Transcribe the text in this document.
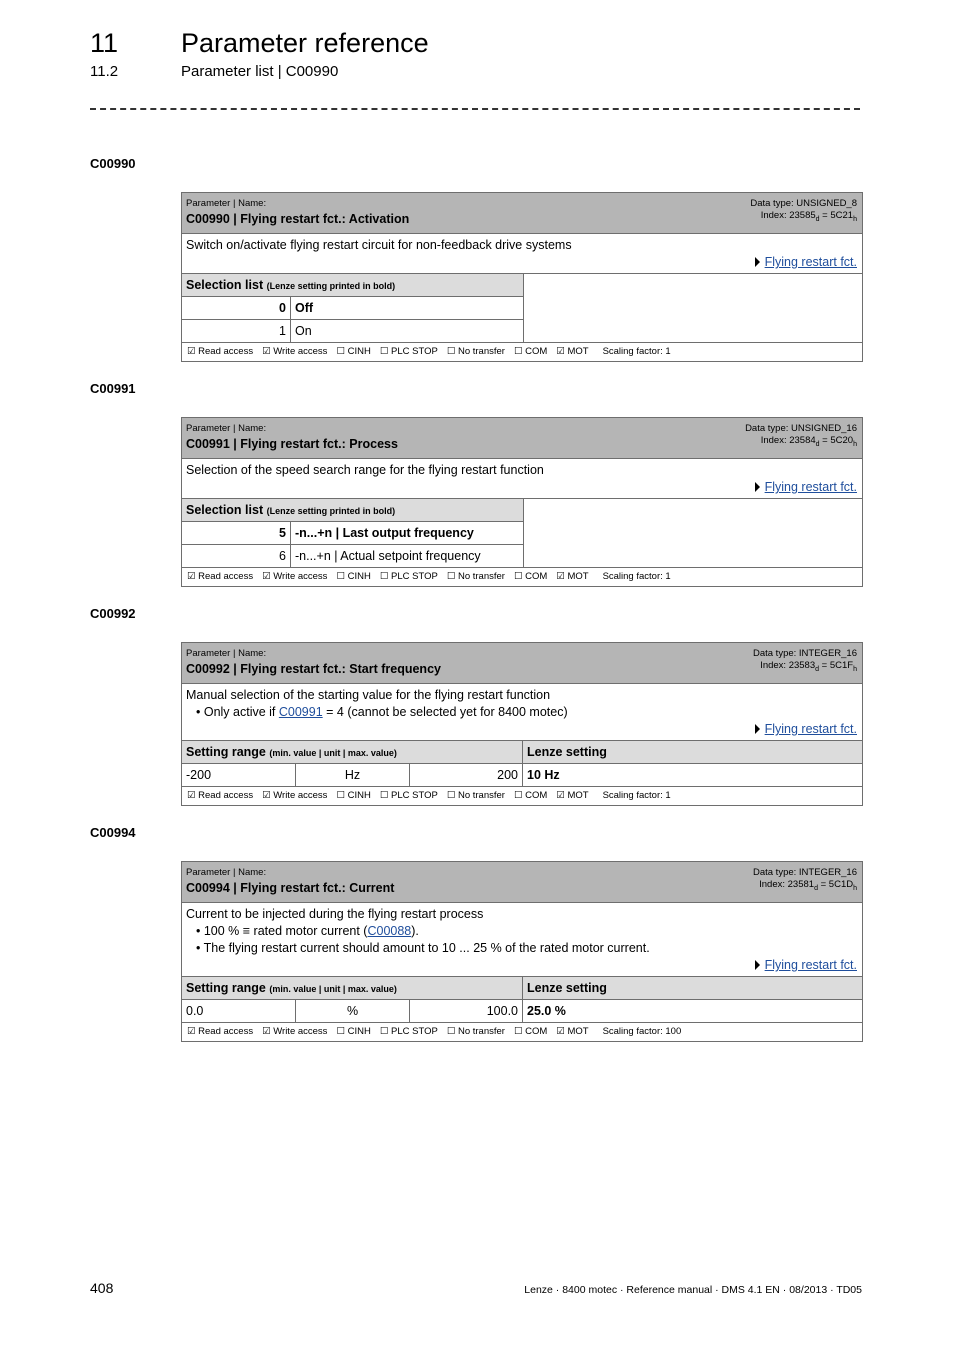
11 Parameter reference
11.2	Parameter list | C00990
C00990
Parameter | Name:
C00990 | Flying restart fct.: Activation
Data type: UNSIGNED_8
Index: $23585_d = 5C21_h$
Switch on/activate flying restart circuit for non-feedback drive systems
Flying restart fct.
Selection list (Lenze setting printed in bold)
0 Off
1 On
☑ Read access ☑ Write access ☐ CINH ☐ PLC STOP ☐ No transfer ☐ COM ☑ MOT Scaling factor: 1
C00991
Parameter | Name:
C00991 | Flying restart fct.: Process
Data type: UNSIGNED_16
Index: $23584_d = 5C20_h$
Selection of the speed search range for the flying restart function
Flying restart fct.
Selection list (Lenze setting printed in bold)
5 -n...+n | Last output frequency
6 -n...+n | Actual setpoint frequency
☑ Read access ☑ Write access ☐ CINH ☐ PLC STOP ☐ No transfer ☐ COM ☑ MOT Scaling factor: 1
C00992
Parameter | Name:
C00992 | Flying restart fct.: Start frequency
Data type: INTEGER_16
Index: $23583_d = 5C1F_h$
Manual selection of the starting value for the flying restart function
• Only active if C00991 = 4 (cannot be selected yet for 8400 motec)
Flying restart fct.
Setting range (min. value | unit | max. value)	Lenze setting
-200	Hz	200 10 Hz
☑ Read access ☑ Write access ☐ CINH ☐ PLC STOP ☐ No transfer ☐ COM ☑ MOT Scaling factor: 1
C00994
Parameter | Name:
C00994 | Flying restart fct.: Current
Data type: INTEGER_16
Index: $23581_d = 5C1D_h$
Current to be injected during the flying restart process
• 100 % ≡ rated motor current (C00088).
• The flying restart current should amount to 10 ... 25 % of the rated motor current.
Flying restart fct.
Setting range (min. value | unit | max. value)	Lenze setting
0.0	%	100.0 25.0 %
☑ Read access ☑ Write access ☐ CINH ☐ PLC STOP ☐ No transfer ☐ COM ☑ MOT Scaling factor: 100
408	Lenze · 8400 motec · Reference manual · DMS 4.1 EN · 08/2013 · TD05
